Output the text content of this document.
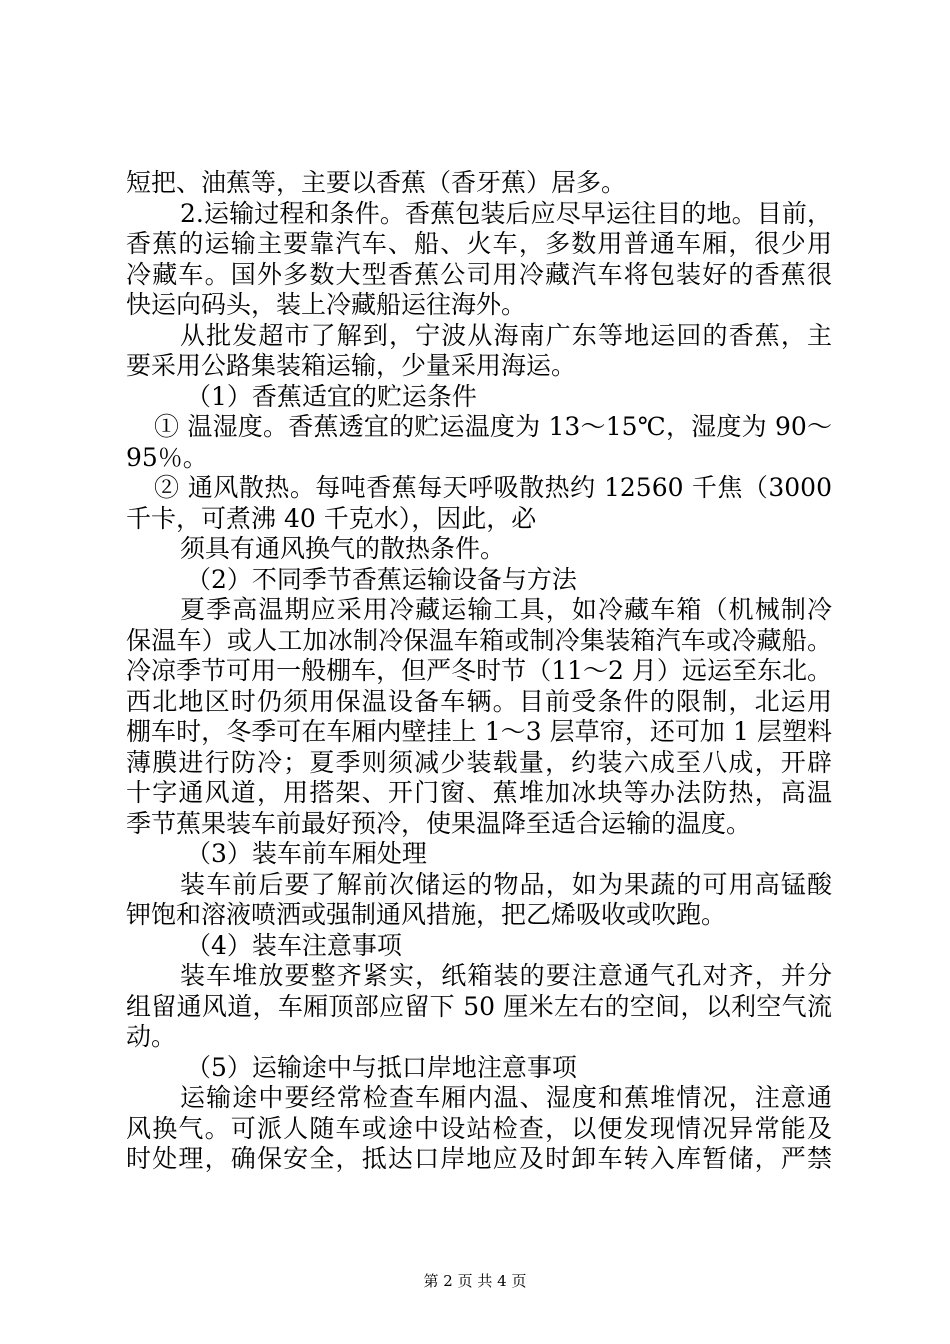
短把、油蕉等，主要以香蕉（香牙蕉）居多。
2.运输过程和条件。香蕉包装后应尽早运往目的地。目前，
香蕉的运输主要靠汽车、船、火车，多数用普通车厢，很少用
冷藏车。国外多数大型香蕉公司用冷藏汽车将包装好的香蕉很
快运向码头，装上冷藏船运往海外。
从批发超市了解到，宁波从海南广东等地运回的香蕉，主
要采用公路集装箱运输，少量采用海运。
（1）香蕉适宜的贮运条件
① 温湿度。香蕉透宜的贮运温度为 13～15℃，湿度为 90～
95％。
② 通风散热。每吨香蕉每天呼吸散热约 12560 千焦（3000
千卡，可煮沸 40 千克水），因此，必
须具有通风换气的散热条件。
（2）不同季节香蕉运输设备与方法
夏季高温期应采用冷藏运输工具，如冷藏车箱（机械制冷
保温车）或人工加冰制冷保温车箱或制冷集装箱汽车或冷藏船。
冷凉季节可用一般棚车，但严冬时节（11～2 月）远运至东北。
西北地区时仍须用保温设备车辆。目前受条件的限制，北运用
棚车时，冬季可在车厢内壁挂上 1～3 层草帘，还可加 1 层塑料
薄膜进行防冷；夏季则须减少装载量，约装六成至八成，开辟
十字通风道，用搭架、开门窗、蕉堆加冰块等办法防热，高温
季节蕉果装车前最好预冷，使果温降至适合运输的温度。
（3）装车前车厢处理
装车前后要了解前次储运的物品，如为果蔬的可用高锰酸
钾饱和溶液喷洒或强制通风措施，把乙烯吸收或吹跑。
（4）装车注意事项
装车堆放要整齐紧实，纸箱装的要注意通气孔对齐，并分
组留通风道，车厢顶部应留下 50 厘米左右的空间，以利空气流
动。
（5）运输途中与抵口岸地注意事项
运输途中要经常检查车厢内温、湿度和蕉堆情况，注意通
风换气。可派人随车或途中设站检查，以便发现情况异常能及
时处理，确保安全，抵达口岸地应及时卸车转入库暂储，严禁
第 2 页 共 4 页
